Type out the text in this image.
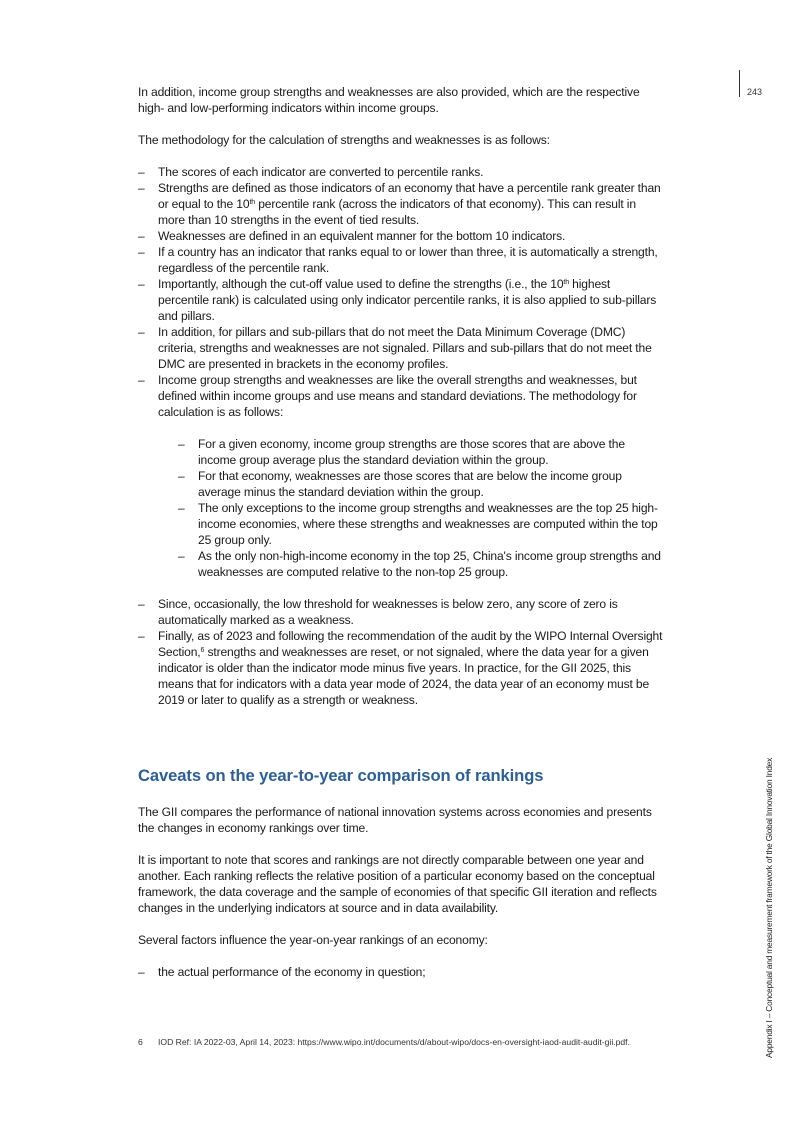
243
Appendix I – Conceptual and measurement framework of the Global Innovation Index

In addition, income group strengths and weaknesses are also provided, which are the respective high- and low-performing indicators within income groups.

The methodology for the calculation of strengths and weaknesses is as follows:

– The scores of each indicator are converted to percentile ranks.
– Strengths are defined as those indicators of an economy that have a percentile rank greater than or equal to the 10th percentile rank (across the indicators of that economy). This can result in more than 10 strengths in the event of tied results.
– Weaknesses are defined in an equivalent manner for the bottom 10 indicators.
– If a country has an indicator that ranks equal to or lower than three, it is automatically a strength, regardless of the percentile rank.
– Importantly, although the cut-off value used to define the strengths (i.e., the 10th highest percentile rank) is calculated using only indicator percentile ranks, it is also applied to sub-pillars and pillars.
– In addition, for pillars and sub-pillars that do not meet the Data Minimum Coverage (DMC) criteria, strengths and weaknesses are not signaled. Pillars and sub-pillars that do not meet the DMC are presented in brackets in the economy profiles.
– Income group strengths and weaknesses are like the overall strengths and weaknesses, but defined within income groups and use means and standard deviations. The methodology for calculation is as follows:
– For a given economy, income group strengths are those scores that are above the income group average plus the standard deviation within the group.
– For that economy, weaknesses are those scores that are below the income group average minus the standard deviation within the group.
– The only exceptions to the income group strengths and weaknesses are the top 25 high-income economies, where these strengths and weaknesses are computed within the top 25 group only.
– As the only non-high-income economy in the top 25, China's income group strengths and weaknesses are computed relative to the non-top 25 group.
– Since, occasionally, the low threshold for weaknesses is below zero, any score of zero is automatically marked as a weakness.
– Finally, as of 2023 and following the recommendation of the audit by the WIPO Internal Oversight Section,$^6$ strengths and weaknesses are reset, or not signaled, where the data year for a given indicator is older than the indicator mode minus five years. In practice, for the GII 2025, this means that for indicators with a data year mode of 2024, the data year of an economy must be 2019 or later to qualify as a strength or weakness.
Caveats on the year-to-year comparison of rankings

The GII compares the performance of national innovation systems across economies and presents the changes in economy rankings over time.

It is important to note that scores and rankings are not directly comparable between one year and another. Each ranking reflects the relative position of a particular economy based on the conceptual framework, the data coverage and the sample of economies of that specific GII iteration and reflects changes in the underlying indicators at source and in data availability.

Several factors influence the year-on-year rankings of an economy:

– the actual performance of the economy in question;
6 IOD Ref: IA 2022-03, April 14, 2023: https://www.wipo.int/documents/d/about-wipo/docs-en-oversight-iaod-audit-audit-gii.pdf.
